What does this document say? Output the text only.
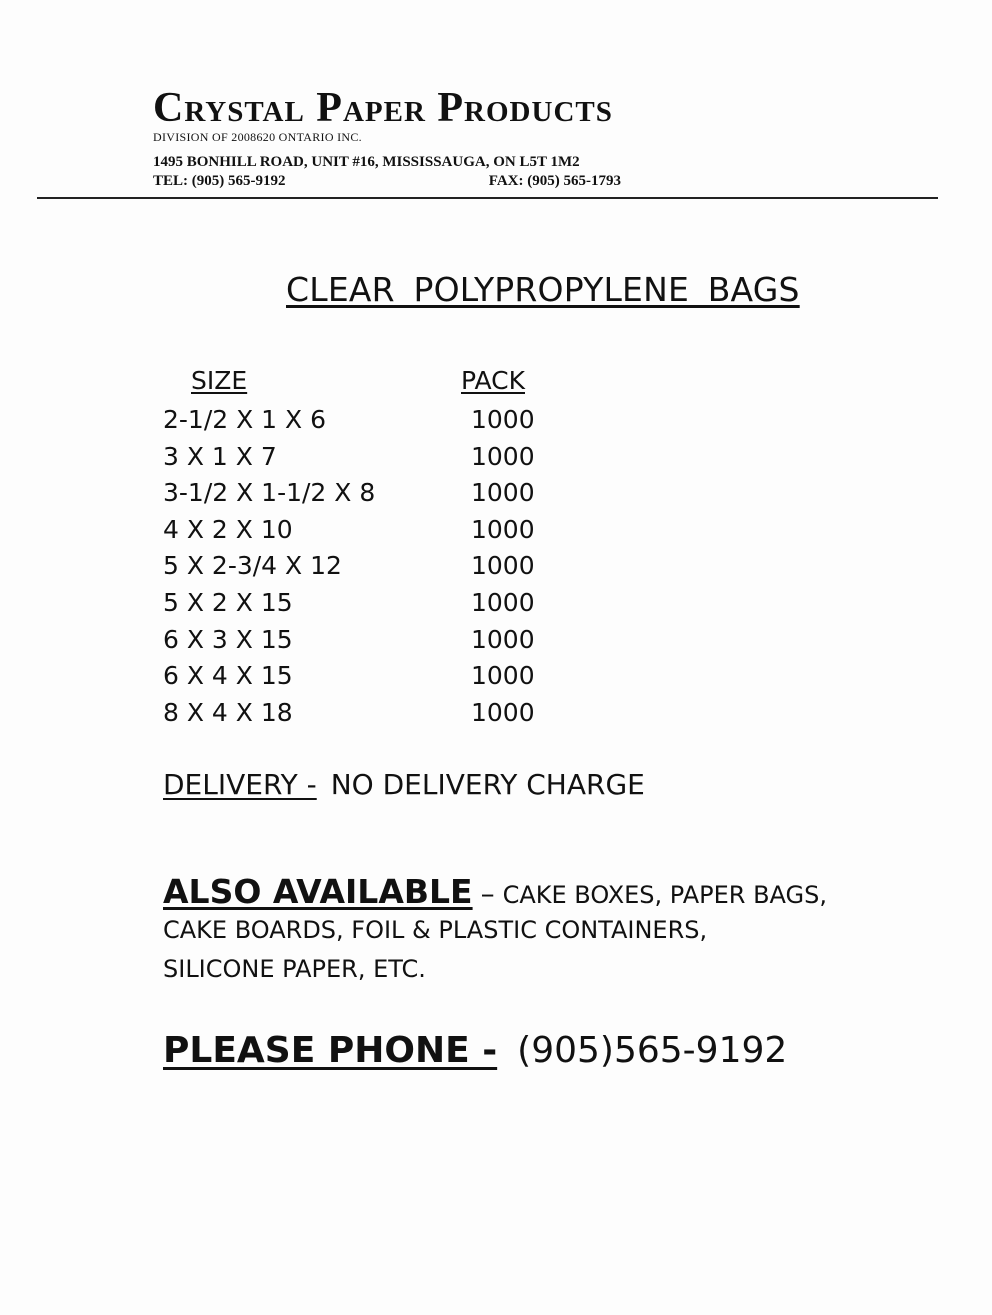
Crystal Paper Products
DIVISION OF 2008620 ONTARIO INC.
1495 BONHILL ROAD, UNIT #16, MISSISSAUGA, ON L5T 1M2
TEL: (905) 565-9192	FAX: (905) 565-1793
CLEAR POLYPROPYLENE BAGS
SIZE	PACK
2-1/2 X 1 X 6	1000
3 X 1 X 7	1000
3-1/2 X 1-1/2 X 8	1000
4 X 2 X 10	1000
5 X 2-3/4 X 12	1000
5 X 2 X 15	1000
6 X 3 X 15	1000
6 X 4 X 15	1000
8 X 4 X 18	1000
DELIVERY - NO DELIVERY CHARGE
ALSO AVAILABLE – CAKE BOXES, PAPER BAGS,
CAKE BOARDS, FOIL & PLASTIC CONTAINERS,
SILICONE PAPER, ETC.
PLEASE PHONE - (905)565-9192
